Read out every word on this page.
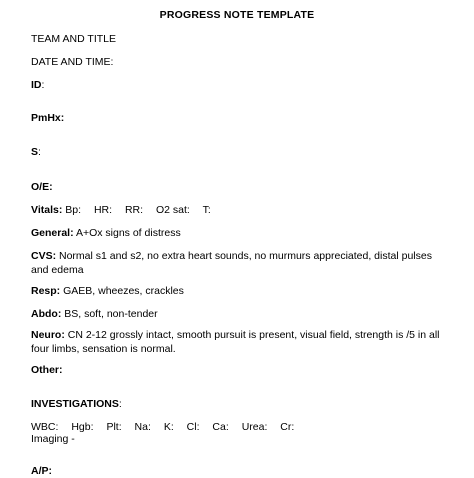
PROGRESS NOTE TEMPLATE
TEAM AND TITLE
DATE AND TIME:
ID:
PmHx:
S:
O/E:
Vitals: Bp: HR: RR: O2 sat: T:
General: A+Ox signs of distress
CVS: Normal s1 and s2, no extra heart sounds, no murmurs appreciated, distal pulses and edema
Resp: GAEB, wheezes, crackles
Abdo: BS, soft, non-tender
Neuro: CN 2-12 grossly intact, smooth pursuit is present, visual field, strength is /5 in all four limbs, sensation is normal.
Other:
INVESTIGATIONS:
WBC: Hgb: Plt: Na: K: Cl: Ca: Urea: Cr:
Imaging -
A/P:
